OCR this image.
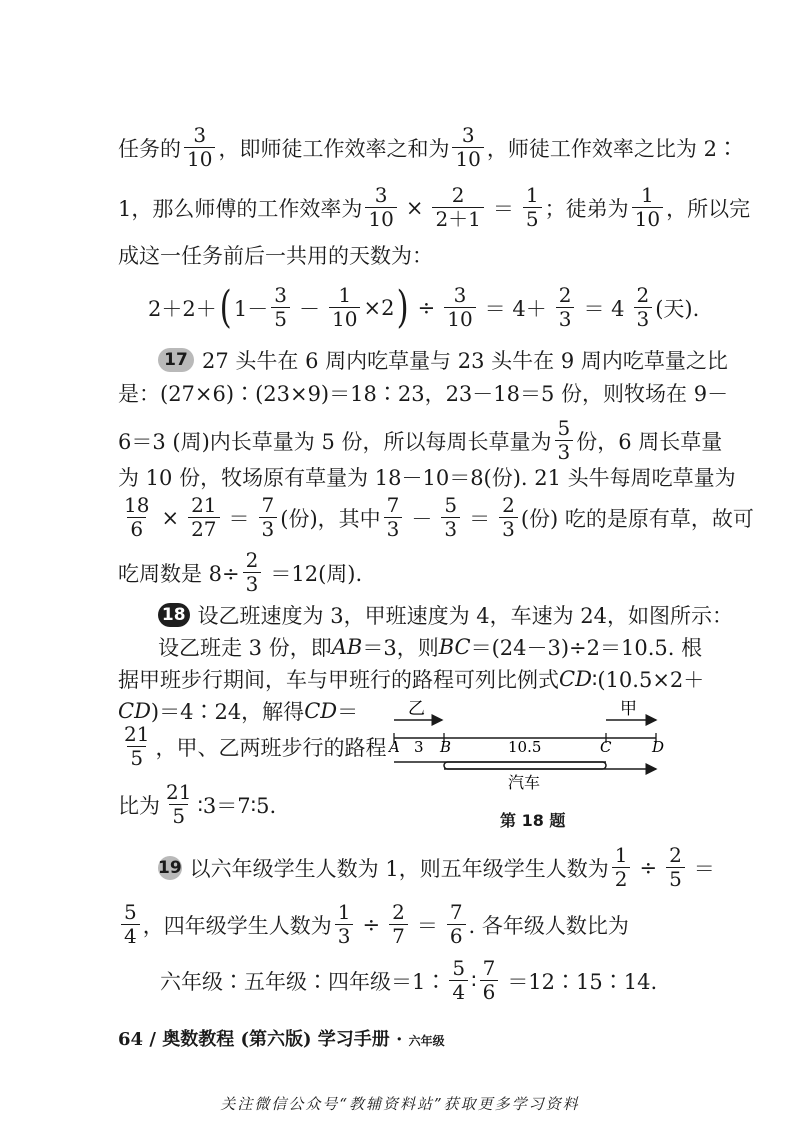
任务的 $\frac{3}{10}$ ，即师徒工作效率之和为 $\frac{3}{10}$ ，师徒工作效率之比为 2∶
1，那么师傅的工作效率为 $\frac{3}{10} \times \frac{2}{2+1} = \frac{1}{5}$ ；徒弟为 $\frac{1}{10}$ ，所以完
成这一任务前后一共用的天数为：
2＋2＋ ( $1- \frac{3}{5} - \frac{1}{10} \times 2$ ) ÷ $\frac{3}{10} = 4+ \frac{2}{3} = 4 \frac{2}{3}$ (天).
17 27 头牛在 6 周内吃草量与 23 头牛在 9 周内吃草量之比
是：(27×6)∶(23×9)＝18∶23，23－18＝5 份，则牧场在 9－
6＝3 (周)内长草量为 5 份，所以每周长草量为 $\frac{5}{3}$ 份，6 周长草量
为 10 份，牧场原有草量为 18－10＝8(份). 21 头牛每周吃草量为
$\frac{18}{6} \times \frac{21}{27} = \frac{7}{3}$ (份)，其中 $\frac{7}{3} - \frac{5}{3} = \frac{2}{3}$ (份) 吃的是原有草，故可
吃周数是 $8\div \frac{2}{3} =12$(周).
18 设乙班速度为 3，甲班速度为 4，车速为 24，如图所示：
设乙班走 3 份，即 AB ＝3，则 BC ＝(24－3)÷2＝10.5. 根
据甲班步行期间，车与甲班行的路程可列比例式 CD ∶(10.5×2＋
CD )＝4∶24，解得 CD ＝
$\frac{21}{5}$ ，甲、乙两班步行的路程
比为 $\frac{21}{5}$ ∶3＝7∶5.
乙	甲
A 3 B	10.5	C	D
汽车
第 18 题
19 以六年级学生人数为 1，则五年级学生人数为 $\frac{1}{2} \div \frac{2}{5}$ ＝
$\frac{5}{4}$ ，四年级学生人数为 $\frac{1}{3} \div \frac{2}{7} = \frac{7}{6}$ . 各年级人数比为
六年级∶五年级∶四年级＝1∶ $\frac{5}{4}$ ∶ $\frac{7}{6}$ ＝12∶15∶14.
64 / 奥数教程 (第六版) 学习手册 · 六年级
关注微信公众号“教辅资料站”获取更多学习资料
